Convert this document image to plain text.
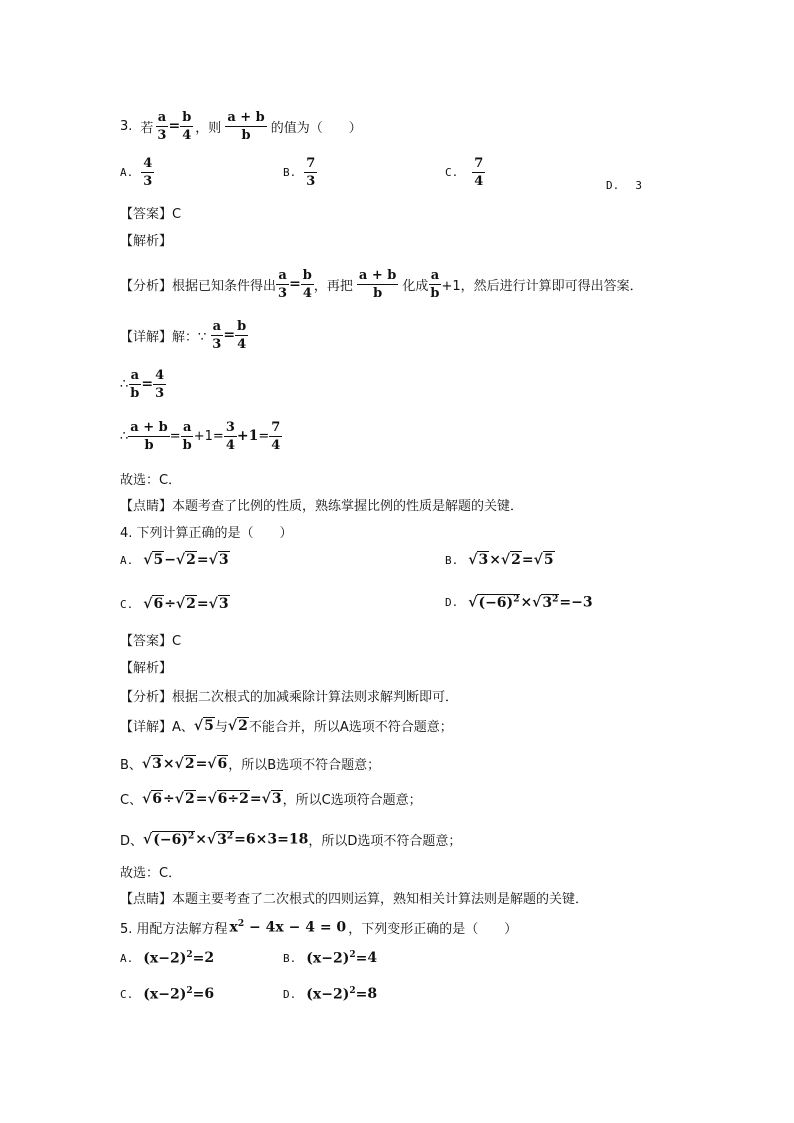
3. 若 $\frac{a}{3} = \frac{b}{4}$ ，则 $\frac{a + b}{b}$ 的值为（　　）
A. $\frac{4}{3}$	B. $\frac{7}{3}$	C. $\frac{7}{4}$	D. 3
【答案】C
【解析】
【分析】根据已知条件得出 $\frac{a}{3} = \frac{b}{4}$ ，再把 $\frac{a + b}{b}$ 化成 $\frac{a}{b} +1$，然后进行计算即可得出答案．
【详解】解：∵ $\frac{a}{3} = \frac{b}{4}$
∴ $\frac{a}{b} = \frac{4}{3}$
∴ $\frac{a + b}{b} = \frac{a}{b} +1= \frac{3}{4} +1 = \frac{7}{4}$
故选：C．
【点睛】本题考查了比例的性质，熟练掌握比例的性质是解题的关键．
4. 下列计算正确的是（　　）
A. √5−√2=√3	B. √3×√2=√5
C. √6÷√2=√3	D. $√(-6)^2\times√3^2=-3$
【答案】C
【解析】
【分析】根据二次根式的加减乘除计算法则求解判断即可．
【详解】A、 √5 与 √2 不能合并，所以A选项不符合题意；
B、 √3×√2=√6 ，所以B选项不符合题意；
C、 √6÷√2=√6÷2=√3 ，所以C选项符合题意；
D、 $√(-6)^2\times√3^2=6\times 3=18$ ，所以D选项不符合题意；
故选：C．
【点睛】本题主要考查了二次根式的四则运算，熟知相关计算法则是解题的关键．
5. 用配方法解方程 $x^2 - 4x - 4 = 0$ ，下列变形正确的是（　　）
A. $(x-2)^2= 2$	B. $(x-2)^2= 4$
C. $(x-2)^2= 6$	D. $(x-2)^2= 8$
